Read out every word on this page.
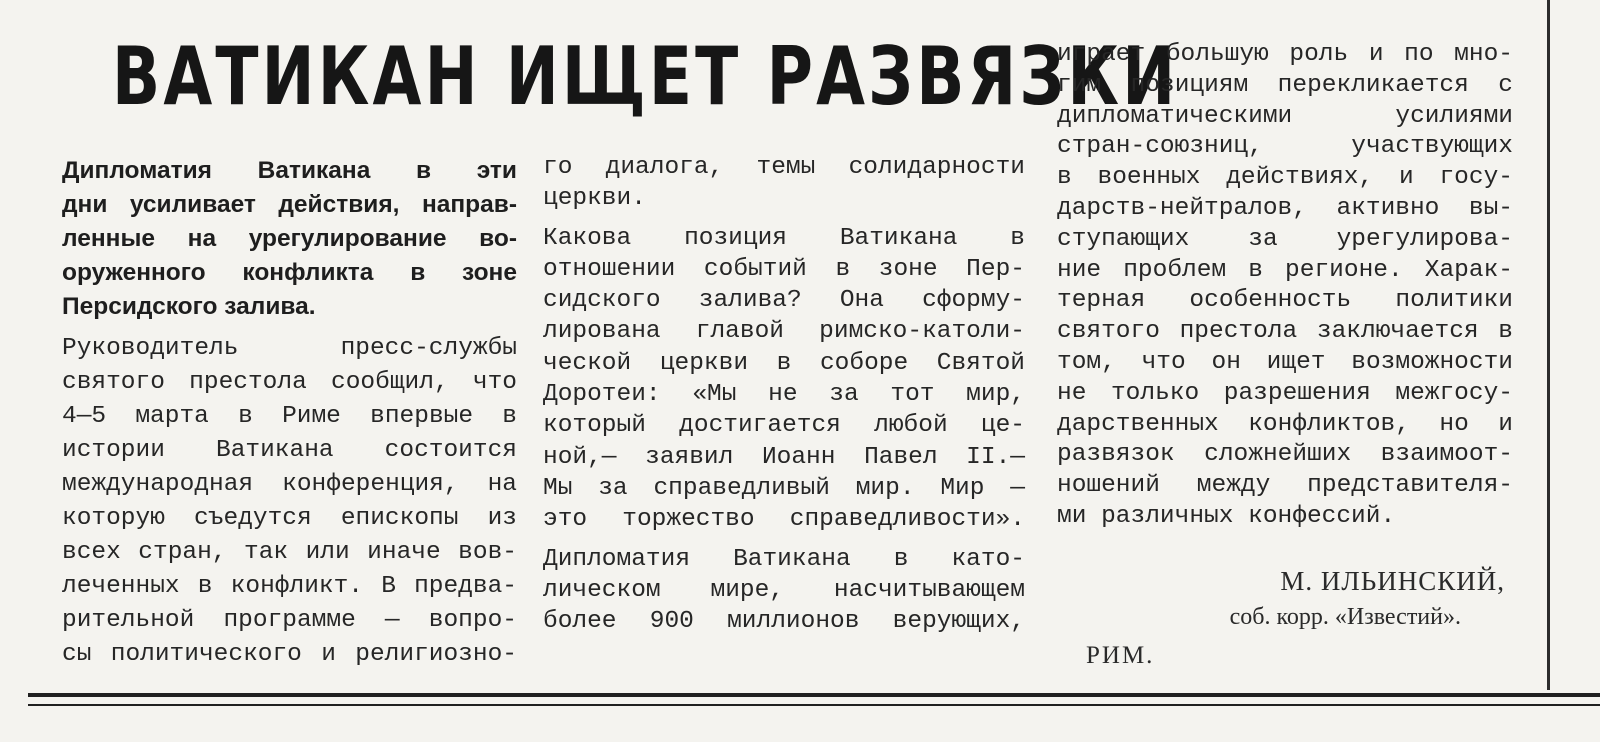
ВАТИКАН ИЩЕТ РАЗВЯЗКИ
Дипломатия Ватикана в эти
дни усиливает действия, направ-
ленные на урегулирование во-
оруженного конфликта в зоне
Персидского залива.
Руководитель пресс-службы
святого престола сообщил, что
4—5 марта в Риме впервые в
истории Ватикана состоится
международная конференция, на
которую съедутся епископы из
всех стран, так или иначе вов-
леченных в конфликт. В предва-
рительной программе — вопро-
сы политического и религиозно-
го диалога, темы солидарности
церкви.
Какова позиция Ватикана в
отношении событий в зоне Пер-
сидского залива? Она сформу-
лирована главой римско-католи-
ческой церкви в соборе Святой
Доротеи: «Мы не за тот мир,
который достигается любой це-
ной,— заявил Иоанн Павел II.—
Мы за справедливый мир. Мир —
это торжество справедливости».
Дипломатия Ватикана в като-
лическом мире, насчитывающем
более 900 миллионов верующих,
играет большую роль и по мно-
гим позициям перекликается с
дипломатическими усилиями
стран-союзниц, участвующих
в военных действиях, и госу-
дарств-нейтралов, активно вы-
ступающих за урегулирова-
ние проблем в регионе. Харак-
терная особенность политики
святого престола заключается в
том, что он ищет возможности
не только разрешения межгосу-
дарственных конфликтов, но и
развязок сложнейших взаимоот-
ношений между представителя-
ми различных конфессий.
М. ИЛЬИНСКИЙ,
соб. корр. «Известий».
РИМ.
